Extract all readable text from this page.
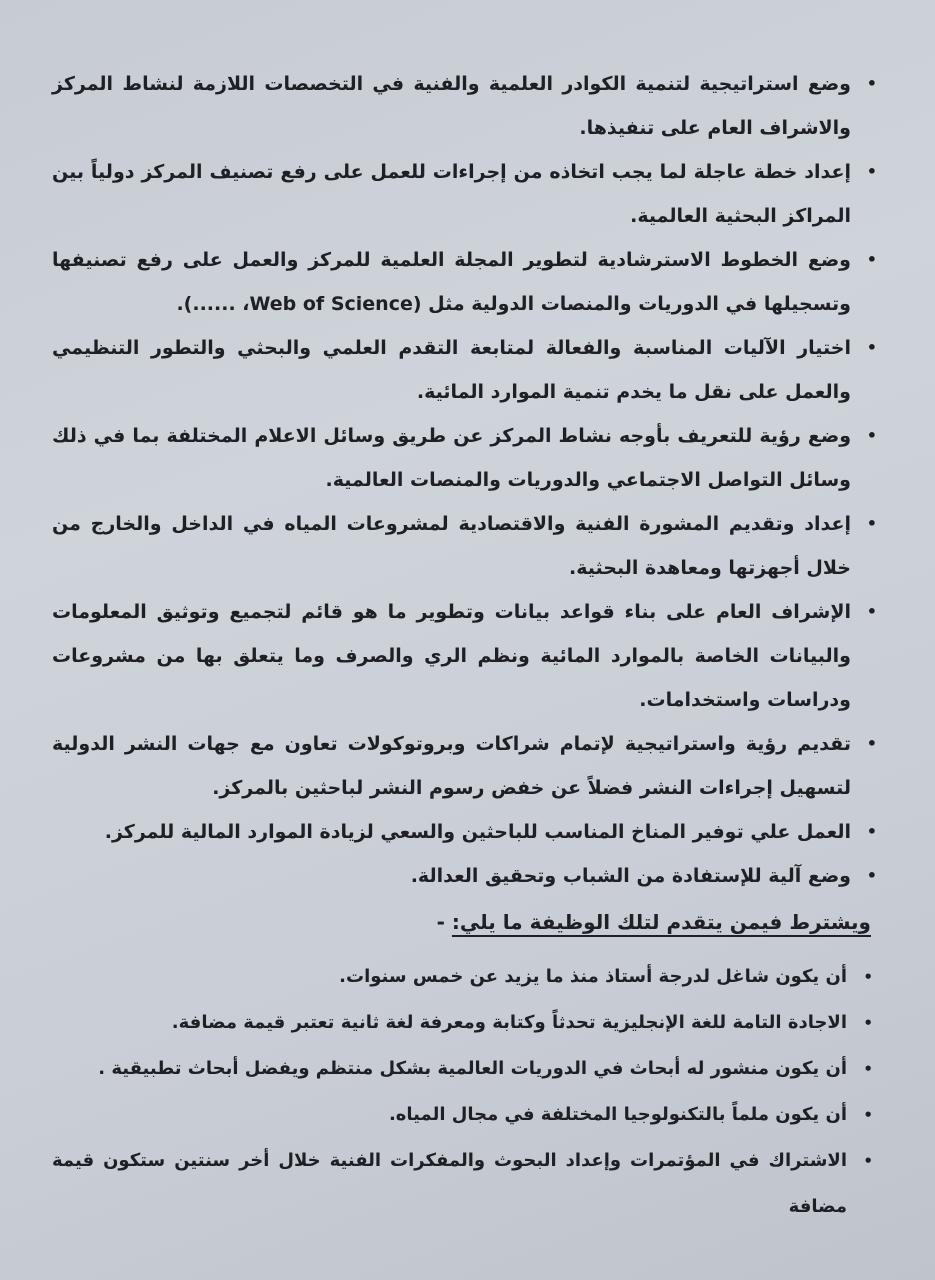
• وضع استراتيجية لتنمية الكوادر العلمية والفنية في التخصصات اللازمة لنشاط المركز والاشراف العام على تنفيذها.
• إعداد خطة عاجلة لما يجب اتخاذه من إجراءات للعمل على رفع تصنيف المركز دولياً بين المراكز البحثية العالمية.
• وضع الخطوط الاسترشادية لتطوير المجلة العلمية للمركز والعمل على رفع تصنيفها وتسجيلها في الدوريات والمنصات الدولية مثل (Web of Science، ......).
• اختيار الآليات المناسبة والفعالة لمتابعة التقدم العلمي والبحثي والتطور التنظيمي والعمل على نقل ما يخدم تنمية الموارد المائية.
• وضع رؤية للتعريف بأوجه نشاط المركز عن طريق وسائل الاعلام المختلفة بما في ذلك وسائل التواصل الاجتماعي والدوريات والمنصات العالمية.
• إعداد وتقديم المشورة الفنية والاقتصادية لمشروعات المياه في الداخل والخارج من خلال أجهزتها ومعاهدة البحثية.
• الإشراف العام على بناء قواعد بيانات وتطوير ما هو قائم لتجميع وتوثيق المعلومات والبيانات الخاصة بالموارد المائية ونظم الري والصرف وما يتعلق بها من مشروعات ودراسات واستخدامات.
• تقديم رؤية واستراتيجية لإتمام شراكات وبروتوكولات تعاون مع جهات النشر الدولية لتسهيل إجراءات النشر فضلاً عن خفض رسوم النشر لباحثين بالمركز.
• العمل علي توفير المناخ المناسب للباحثين والسعي لزيادة الموارد المالية للمركز.
• وضع آلية للإستفادة من الشباب وتحقيق العدالة.
ويشترط فيمن يتقدم لتلك الوظيفة ما يلي: -
• أن يكون شاغل لدرجة أستاذ منذ ما يزيد عن خمس سنوات.
• الاجادة التامة للغة الإنجليزية تحدثاً وكتابة ومعرفة لغة ثانية تعتبر قيمة مضافة.
• أن يكون منشور له أبحاث في الدوريات العالمية بشكل منتظم ويفضل أبحاث تطبيقية .
• أن يكون ملماً بالتكنولوجيا المختلفة في مجال المياه.
• الاشتراك في المؤتمرات وإعداد البحوث والمفكرات الفنية خلال أخر سنتين ستكون قيمة مضافة
